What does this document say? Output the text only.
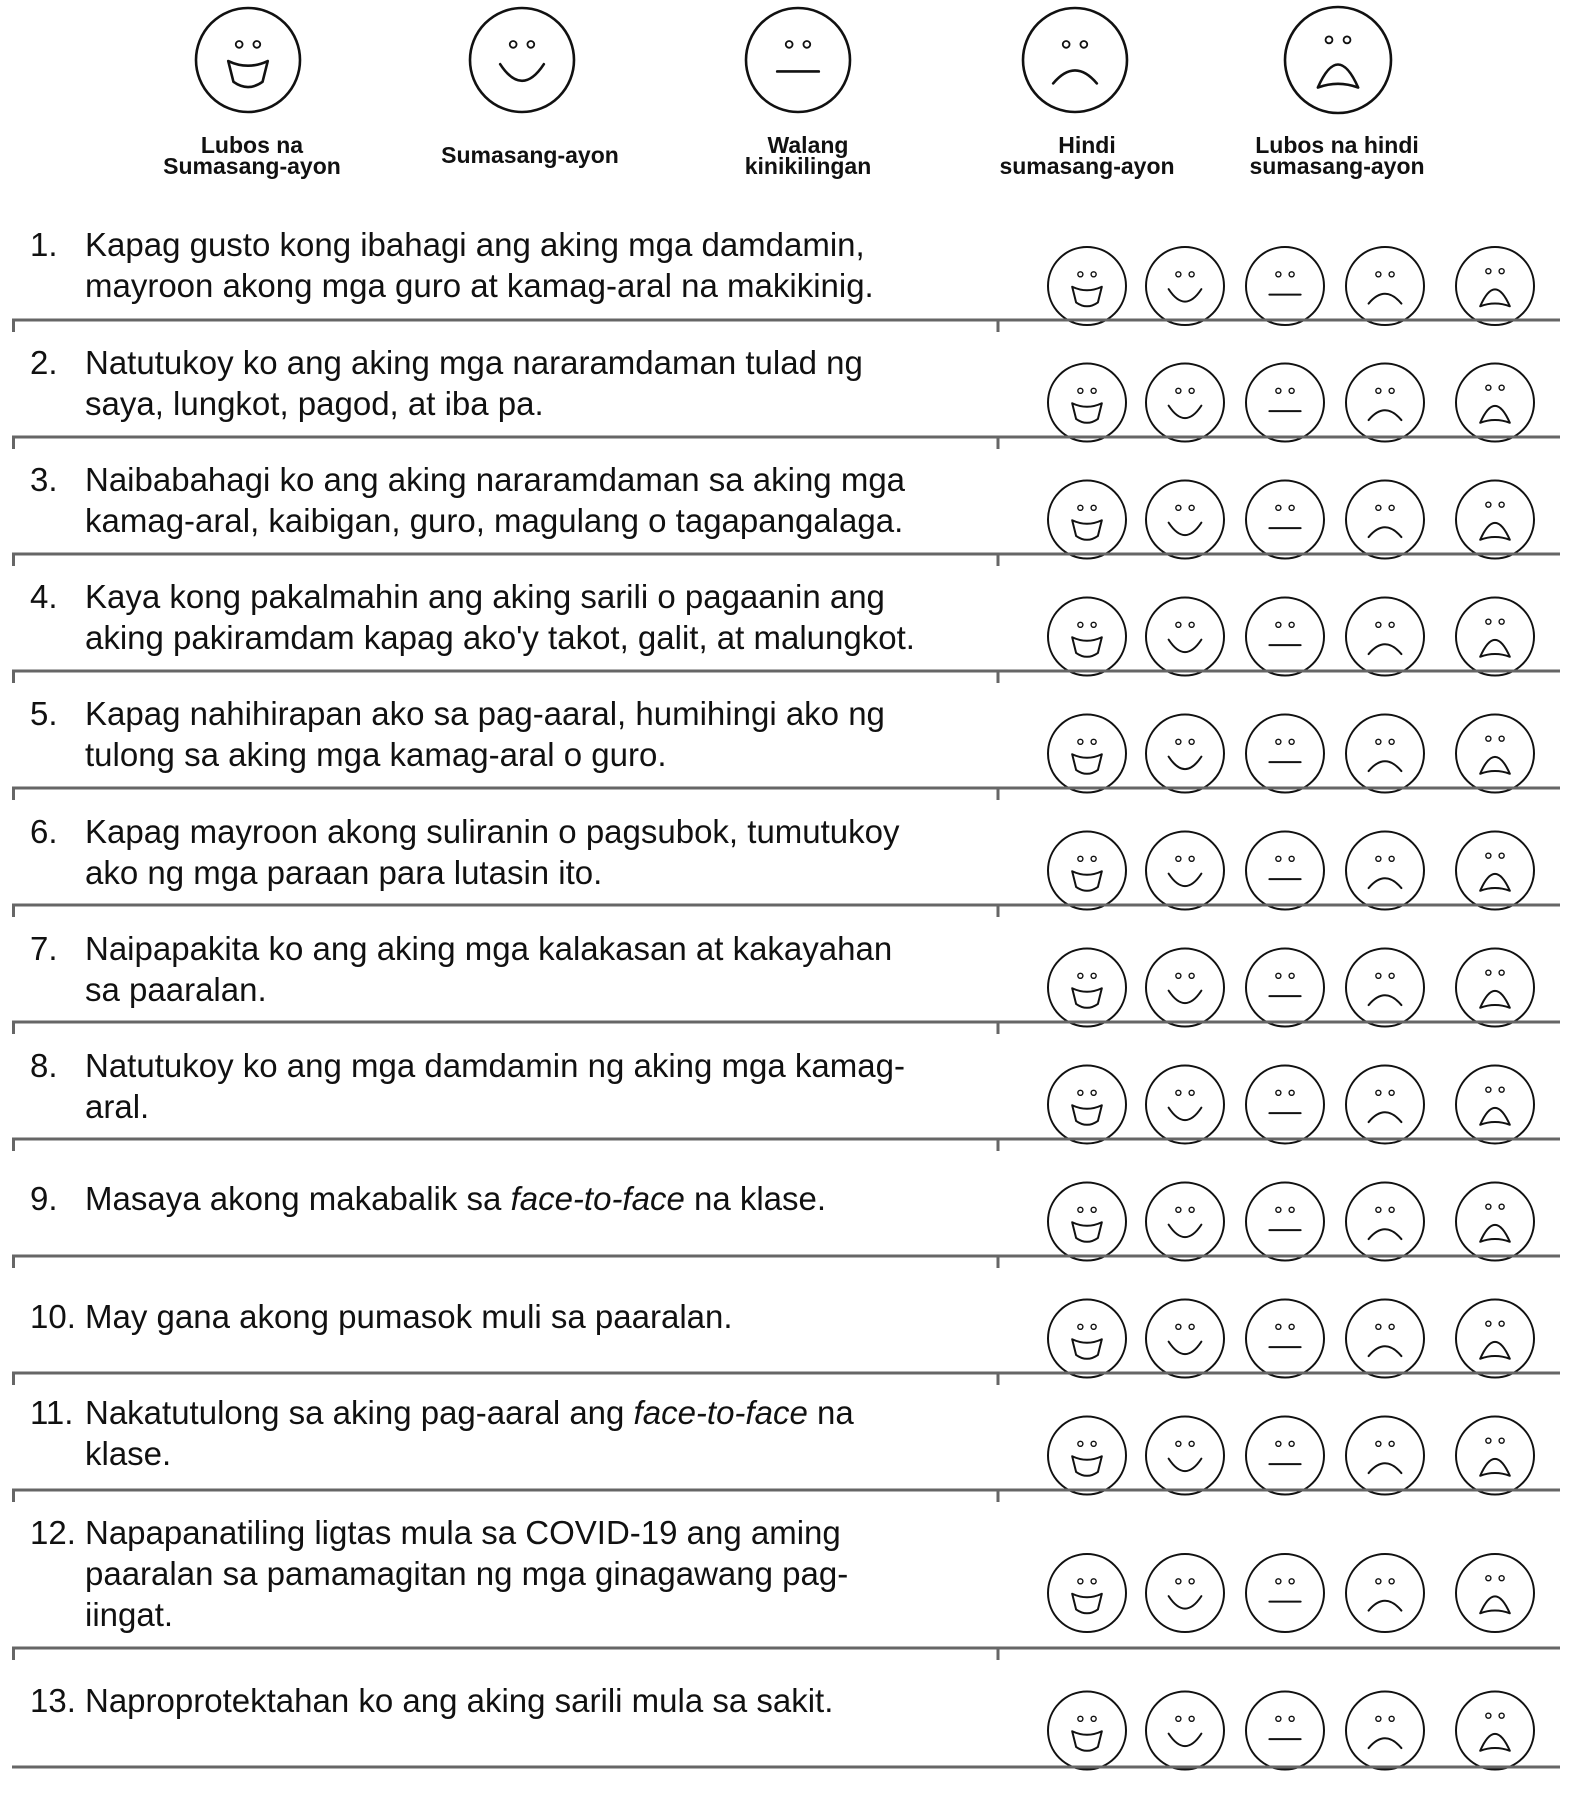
Lubos na
Sumasang-ayon	Sumasang-ayon	Walang
kinikilingan
Hindi
sumasang-ayon
Lubos na hindi
sumasang-ayon
1. Kapag gusto kong ibahagi ang aking mga damdamin,
mayroon akong mga guro at kamag-aral na makikinig.
2. Natutukoy ko ang aking mga nararamdaman tulad ng
saya, lungkot, pagod, at iba pa.
3. Naibabahagi ko ang aking nararamdaman sa aking mga
kamag-aral, kaibigan, guro, magulang o tagapangalaga.
4. Kaya kong pakalmahin ang aking sarili o pagaanin ang
aking pakiramdam kapag ako'y takot, galit, at malungkot.
5. Kapag nahihirapan ako sa pag-aaral, humihingi ako ng
tulong sa aking mga kamag-aral o guro.
6. Kapag mayroon akong suliranin o pagsubok, tumutukoy
ako ng mga paraan para lutasin ito.
7. Naipapakita ko ang aking mga kalakasan at kakayahan
sa paaralan.
8. Natutukoy ko ang mga damdamin ng aking mga kamag-
aral.
9. Masaya akong makabalik sa face-to-face na klase.
10. May gana akong pumasok muli sa paaralan.
11. Nakatutulong sa aking pag-aaral ang face-to-face na
klase.
12. Napapanatiling ligtas mula sa COVID-19 ang aming
paaralan sa pamamagitan ng mga ginagawang pag-
iingat.
13. Naproprotektahan ko ang aking sarili mula sa sakit.
